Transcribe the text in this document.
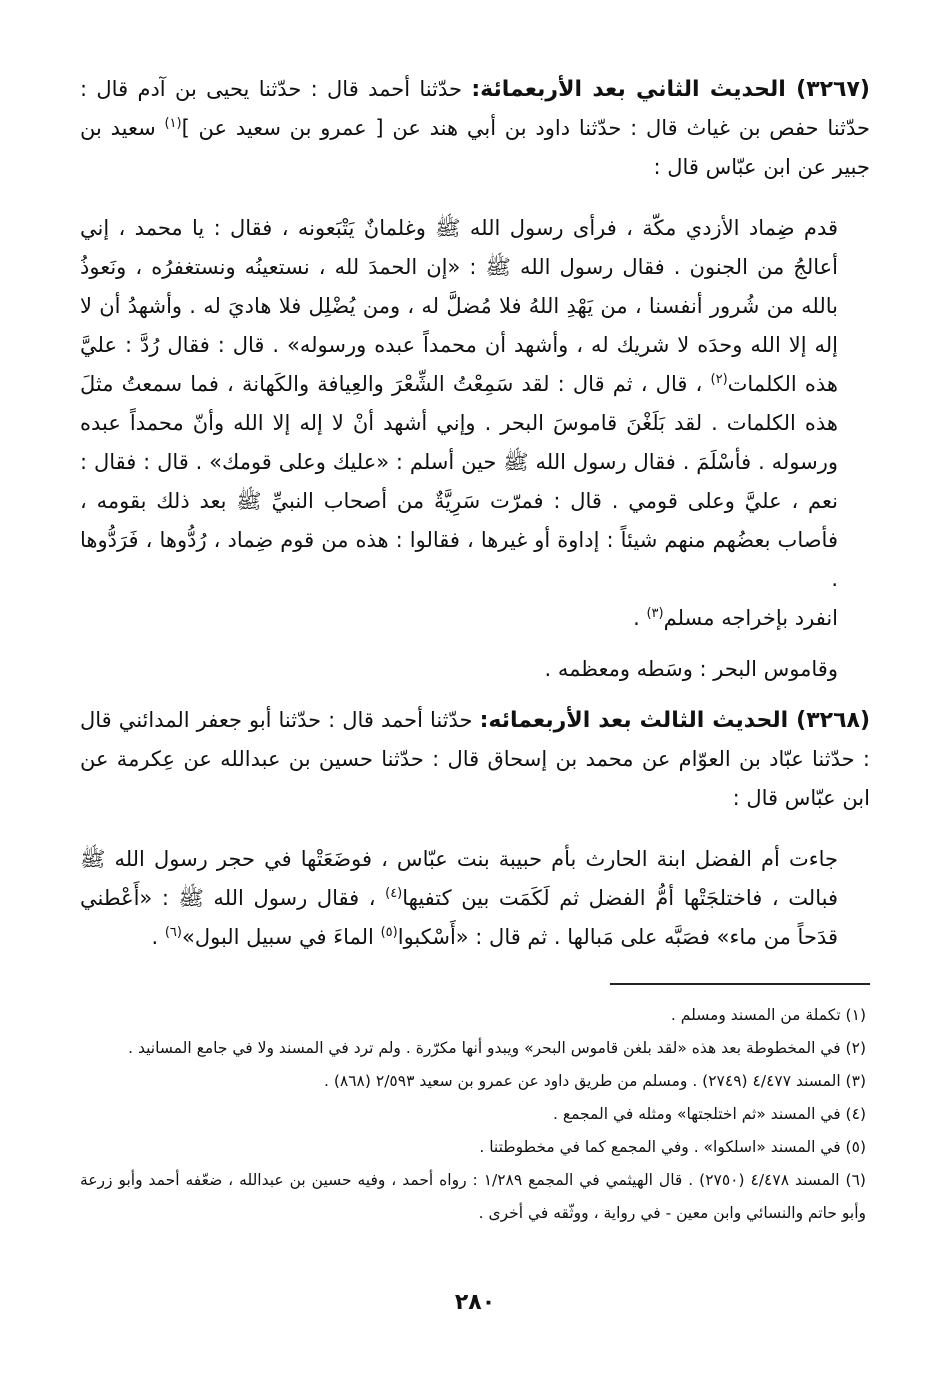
(٣٢٦٧) الحديث الثاني بعد الأربعمائة: حدّثنا أحمد قال : حدّثنا يحيى بن آدم قال : حدّثنا حفص بن غياث قال : حدّثنا داود بن أبي هند عن [ عمرو بن سعيد عن ]$^{(١)}$ سعيد بن جبير عن ابن عبّاس قال :

قدم ضِماد الأزدي مكّة ، فرأى رسول الله ﷺ وغلمانٌ يَتْبَعونه ، فقال : يا محمد ، إني أعالجُ من الجنون . فقال رسول الله ﷺ : «إن الحمدَ لله ، نستعينُه ونستغفرُه ، ونَعوذُ بالله من شُرور أنفسنا ، من يَهْدِ اللهُ فلا مُضلَّ له ، ومن يُضْلِل فلا هاديَ له . وأشهدُ أن لا إله إلا الله وحدَه لا شريك له ، وأشهد أن محمداً عبده ورسوله» . قال : فقال رُدَّ : عليَّ هذه الكلمات$^{(٢)}$ ، قال ، ثم قال : لقد سَمِعْتُ الشِّعْرَ والعِيافة والكَهانة ، فما سمعتُ مثلَ هذه الكلمات . لقد بَلَغْنَ قاموسَ البحر . وإني أشهد أنْ لا إله إلا الله وأنّ محمداً عبده ورسوله . فأسْلَمَ . فقال رسول الله ﷺ حين أسلم : «عليك وعلى قومك» . قال : فقال : نعم ، عليَّ وعلى قومي . قال : فمرّت سَرِيَّةٌ من أصحاب النبيِّ ﷺ بعد ذلك بقومه ، فأصاب بعضُهم منهم شيئاً : إداوة أو غيرها ، فقالوا : هذه من قوم ضِماد ، رُدُّوها ، فَرَدُّوها .

انفرد بإخراجه مسلم$^{(٣)}$ .

وقاموس البحر : وسَطه ومعظمه .

(٣٢٦٨) الحديث الثالث بعد الأربعمائه: حدّثنا أحمد قال : حدّثنا أبو جعفر المدائني قال : حدّثنا عبّاد بن العوّام عن محمد بن إسحاق قال : حدّثنا حسين بن عبدالله عن عِكرمة عن ابن عبّاس قال :

جاءت أم الفضل ابنة الحارث بأم حبيبة بنت عبّاس ، فوضَعَتْها في حجر رسول الله ﷺ فبالت ، فاختلجَتْها أمُّ الفضل ثم لَكَمَت بين كتفيها$^{(٤)}$ ، فقال رسول الله ﷺ : «أَعْطني قدَحاً من ماء» فصَبَّه على مَبالها . ثم قال : «أَسْكبوا$^{(٥)}$ الماءَ في سبيل البول»$^{(٦)}$ .

(١) تكملة من المسند ومسلم .

(٢) في المخطوطة بعد هذه «لقد بلغن قاموس البحر» ويبدو أنها مكرّرة . ولم ترد في المسند ولا في جامع المسانيد .

(٣) المسند ٤/٤٧٧ (٢٧٤٩) . ومسلم من طريق داود عن عمرو بن سعيد ٢/٥٩٣ (٨٦٨) .

(٤) في المسند «ثم اختلجتها» ومثله في المجمع .

(٥) في المسند «اسلكوا» . وفي المجمع كما في مخطوطتنا .

(٦) المسند ٤/٤٧٨ (٢٧٥٠) . قال الهيثمي في المجمع ١/٢٨٩ : رواه أحمد ، وفيه حسين بن عبدالله ، ضعّفه أحمد وأبو زرعة وأبو حاتم والنسائي وابن معين - في رواية ، ووثّقه في أخرى .

٢٨٠
